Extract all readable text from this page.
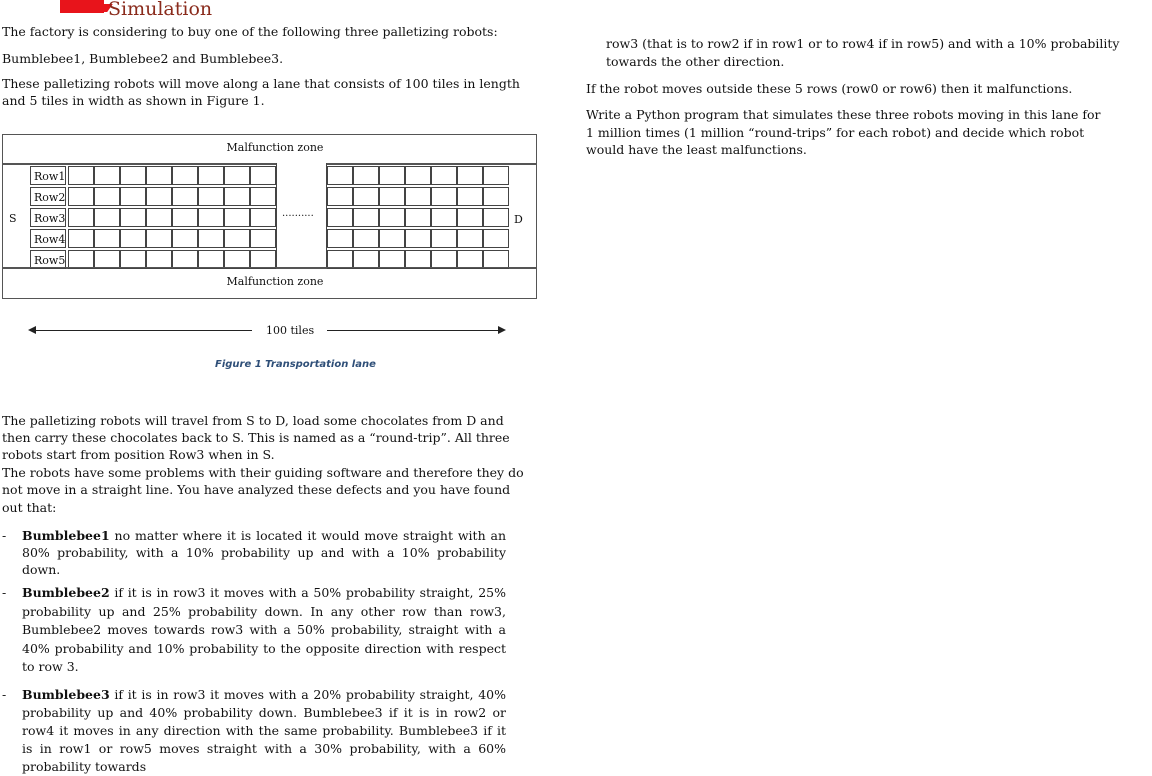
Simulation

The factory is considering to buy one of the following three palletizing robots:

Bumblebee1, Bumblebee2 and Bumblebee3.

These palletizing robots will move along a lane that consists of 100 tiles in length

and 5 tiles in width as shown in Figure 1.

Malfunction zone
S	D
Row1
Row2
Row3
Row4
Row5
..........
Malfunction zone
100 tiles
Figure 1 Transportation lane

The palletizing robots will travel from S to D, load some chocolates from D and

then carry these chocolates back to S. This is named as a “round-trip”. All three

robots start from position Row3 when in S.

The robots have some problems with their guiding software and therefore they do

not move in a straight line. You have analyzed these defects and you have found

out that:

- Bumblebee1 no matter where it is located it would move straight with an 80% probability, with a 10% probability up and with a 10% probability down.

- Bumblebee2 if it is in row3 it moves with a 50% probability straight, 25% probability up and 25% probability down. In any other row than row3, Bumblebee2 moves towards row3 with a 50% probability, straight with a 40% probability and 10% probability to the opposite direction with respect to row 3.

- Bumblebee3 if it is in row3 it moves with a 20% probability straight, 40% probability up and 40% probability down. Bumblebee3 if it is in row2 or row4 it moves in any direction with the same probability. Bumblebee3 if it is in row1 or row5 moves straight with a 30% probability, with a 60% probability towards

row3 (that is to row2 if in row1 or to row4 if in row5) and with a 10% probability

towards the other direction.

If the robot moves outside these 5 rows (row0 or row6) then it malfunctions.

Write a Python program that simulates these three robots moving in this lane for

1 million times (1 million “round-trips” for each robot) and decide which robot

would have the least malfunctions.
